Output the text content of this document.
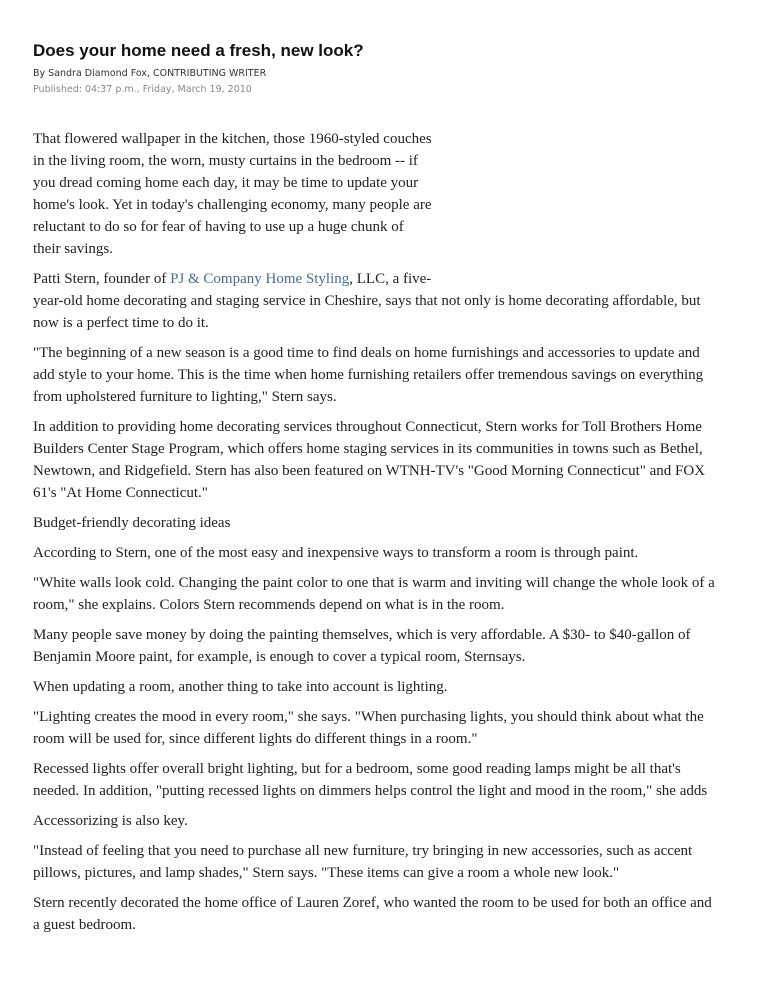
Does your home need a fresh, new look?
By Sandra Diamond Fox, CONTRIBUTING WRITER
Published: 04:37 p.m., Friday, March 19, 2010

That flowered wallpaper in the kitchen, those 1960-styled couches
in the living room, the worn, musty curtains in the bedroom -- if
you dread coming home each day, it may be time to update your
home's look. Yet in today's challenging economy, many people are
reluctant to do so for fear of having to use up a huge chunk of
their savings.

Patti Stern, founder of PJ & Company Home Styling, LLC, a five-
year-old home decorating and staging service in Cheshire, says that not only is home decorating affordable, but
now is a perfect time to do it.

"The beginning of a new season is a good time to find deals on home furnishings and accessories to update and
add style to your home. This is the time when home furnishing retailers offer tremendous savings on everything
from upholstered furniture to lighting," Stern says.

In addition to providing home decorating services throughout Connecticut, Stern works for Toll Brothers Home
Builders Center Stage Program, which offers home staging services in its communities in towns such as Bethel,
Newtown, and Ridgefield. Stern has also been featured on WTNH-TV's "Good Morning Connecticut" and FOX
61's "At Home Connecticut."

Budget-friendly decorating ideas

According to Stern, one of the most easy and inexpensive ways to transform a room is through paint.

"White walls look cold. Changing the paint color to one that is warm and inviting will change the whole look of a
room," she explains. Colors Stern recommends depend on what is in the room.

Many people save money by doing the painting themselves, which is very affordable. A $30- to $40-gallon of
Benjamin Moore paint, for example, is enough to cover a typical room, Sternsays.

When updating a room, another thing to take into account is lighting.

"Lighting creates the mood in every room," she says. "When purchasing lights, you should think about what the
room will be used for, since different lights do different things in a room."

Recessed lights offer overall bright lighting, but for a bedroom, some good reading lamps might be all that's
needed. In addition, "putting recessed lights on dimmers helps control the light and mood in the room," she adds

Accessorizing is also key.

"Instead of feeling that you need to purchase all new furniture, try bringing in new accessories, such as accent
pillows, pictures, and lamp shades," Stern says. "These items can give a room a whole new look."

Stern recently decorated the home office of Lauren Zoref, who wanted the room to be used for both an office and
a guest bedroom.
